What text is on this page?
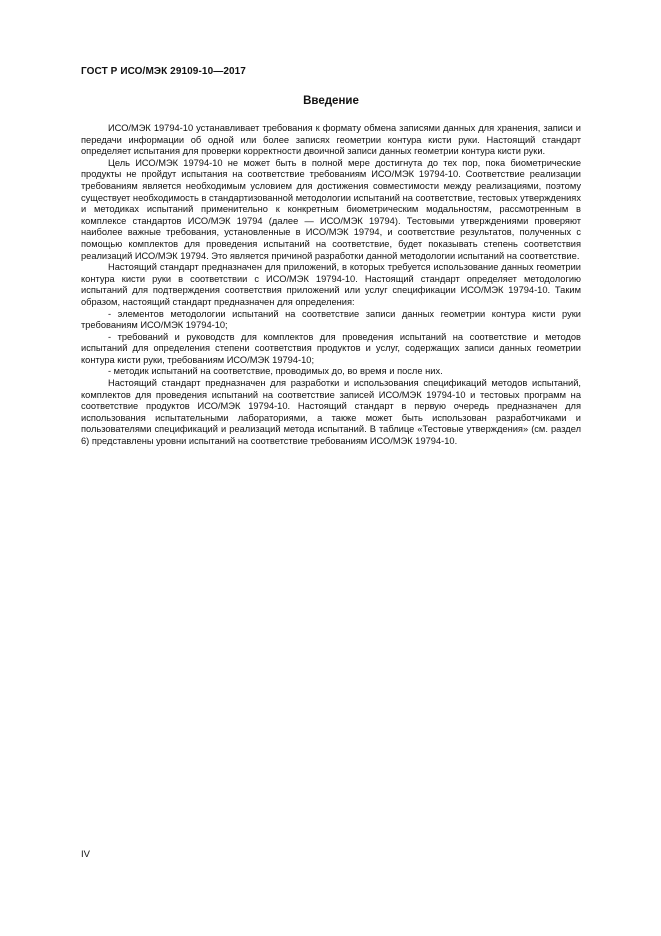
ГОСТ Р ИСО/МЭК 29109-10—2017
Введение

ИСО/МЭК 19794-10 устанавливает требования к формату обмена записями данных для хранения, записи и передачи информации об одной или более записях геометрии контура кисти руки. Настоящий стандарт определяет испытания для проверки корректности двоичной записи данных геометрии контура кисти руки.

Цель ИСО/МЭК 19794-10 не может быть в полной мере достигнута до тех пор, пока биометрические продукты не пройдут испытания на соответствие требованиям ИСО/МЭК 19794-10. Соответствие реализации требованиям является необходимым условием для достижения совместимости между реализациями, поэтому существует необходимость в стандартизованной методологии испытаний на соответствие, тестовых утверждениях и методиках испытаний применительно к конкретным биометрическим модальностям, рассмотренным в комплексе стандартов ИСО/МЭК 19794 (далее — ИСО/МЭК 19794). Тестовыми утверждениями проверяют наиболее важные требования, установленные в ИСО/МЭК 19794, и соответствие результатов, полученных с помощью комплектов для проведения испытаний на соответствие, будет показывать степень соответствия реализаций ИСО/МЭК 19794. Это является причиной разработки данной методологии испытаний на соответствие.

Настоящий стандарт предназначен для приложений, в которых требуется использование данных геометрии контура кисти руки в соответствии с ИСО/МЭК 19794-10. Настоящий стандарт определяет методологию испытаний для подтверждения соответствия приложений или услуг спецификации ИСО/МЭК 19794-10. Таким образом, настоящий стандарт предназначен для определения:

- элементов методологии испытаний на соответствие записи данных геометрии контура кисти руки требованиям ИСО/МЭК 19794-10;

- требований и руководств для комплектов для проведения испытаний на соответствие и методов испытаний для определения степени соответствия продуктов и услуг, содержащих записи данных геометрии контура кисти руки, требованиям ИСО/МЭК 19794-10;

- методик испытаний на соответствие, проводимых до, во время и после них.

Настоящий стандарт предназначен для разработки и использования спецификаций методов испытаний, комплектов для проведения испытаний на соответствие записей ИСО/МЭК 19794-10 и тестовых программ на соответствие продуктов ИСО/МЭК 19794-10. Настоящий стандарт в первую очередь предназначен для использования испытательными лабораториями, а также может быть использован разработчиками и пользователями спецификаций и реализаций метода испытаний. В таблице «Тестовые утверждения» (см. раздел 6) представлены уровни испытаний на соответствие требованиям ИСО/МЭК 19794-10.

IV
